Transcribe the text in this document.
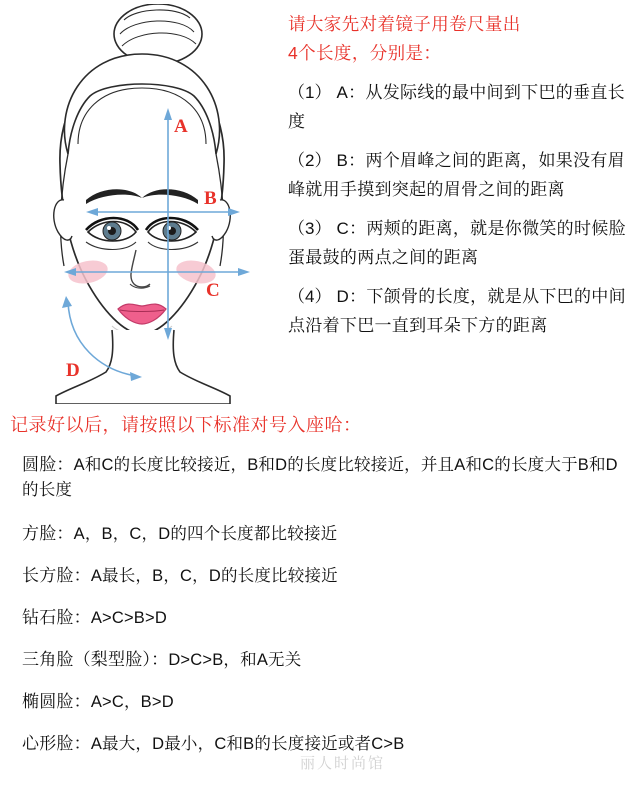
A
B
C
D
请大家先对着镜子用卷尺量出
4个长度，分别是：
（1） A：从发际线的最中间到下巴的垂直长度
（2） B：两个眉峰之间的距离，如果没有眉峰就用手摸到突起的眉骨之间的距离
（3） C：两颊的距离，就是你微笑的时候脸蛋最鼓的两点之间的距离
（4） D：下颌骨的长度，就是从下巴的中间点沿着下巴一直到耳朵下方的距离
记录好以后，请按照以下标准对号入座哈：
圆脸：A和C的长度比较接近，B和D的长度比较接近，并且A和C的长度大于B和D的长度
方脸：A，B，C，D的四个长度都比较接近
长方脸：A最长，B，C，D的长度比较接近
钻石脸：A>C>B>D
三角脸（梨型脸）：D>C>B，和A无关
椭圆脸：A>C，B>D
心形脸：A最大，D最小，C和B的长度接近或者C>B
丽人时尚馆
